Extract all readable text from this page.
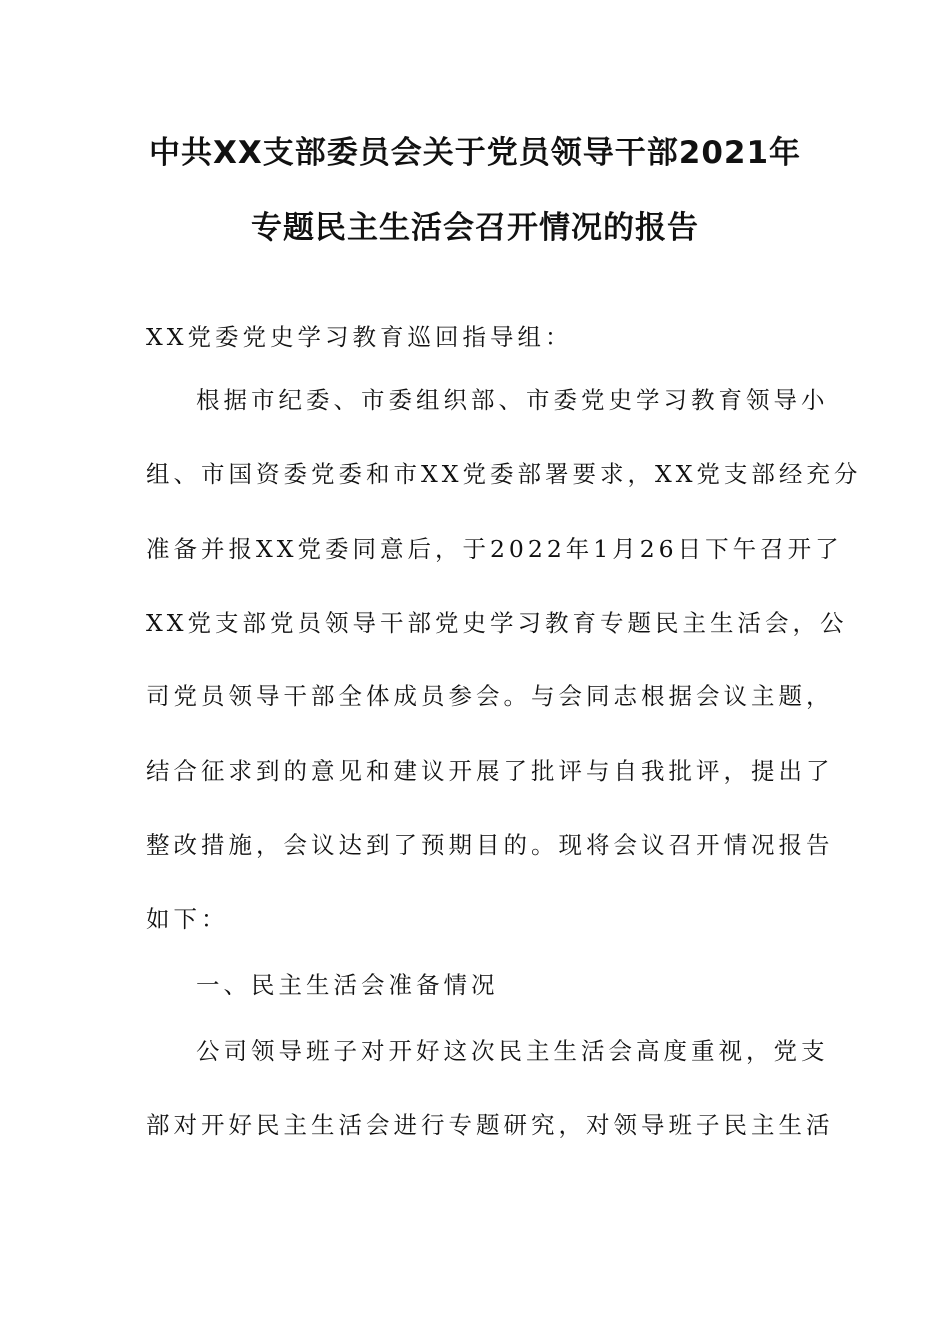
中共XX支部委员会关于党员领导干部2021年
专题民主生活会召开情况的报告
XX党委党史学习教育巡回指导组：
根据市纪委、市委组织部、市委党史学习教育领导小
组、市国资委党委和市XX党委部署要求，XX党支部经充分
准备并报XX党委同意后，于2022年1月26日下午召开了
XX党支部党员领导干部党史学习教育专题民主生活会，公
司党员领导干部全体成员参会。与会同志根据会议主题，
结合征求到的意见和建议开展了批评与自我批评，提出了
整改措施，会议达到了预期目的。现将会议召开情况报告
如下：
一、民主生活会准备情况
公司领导班子对开好这次民主生活会高度重视，党支
部对开好民主生活会进行专题研究，对领导班子民主生活
